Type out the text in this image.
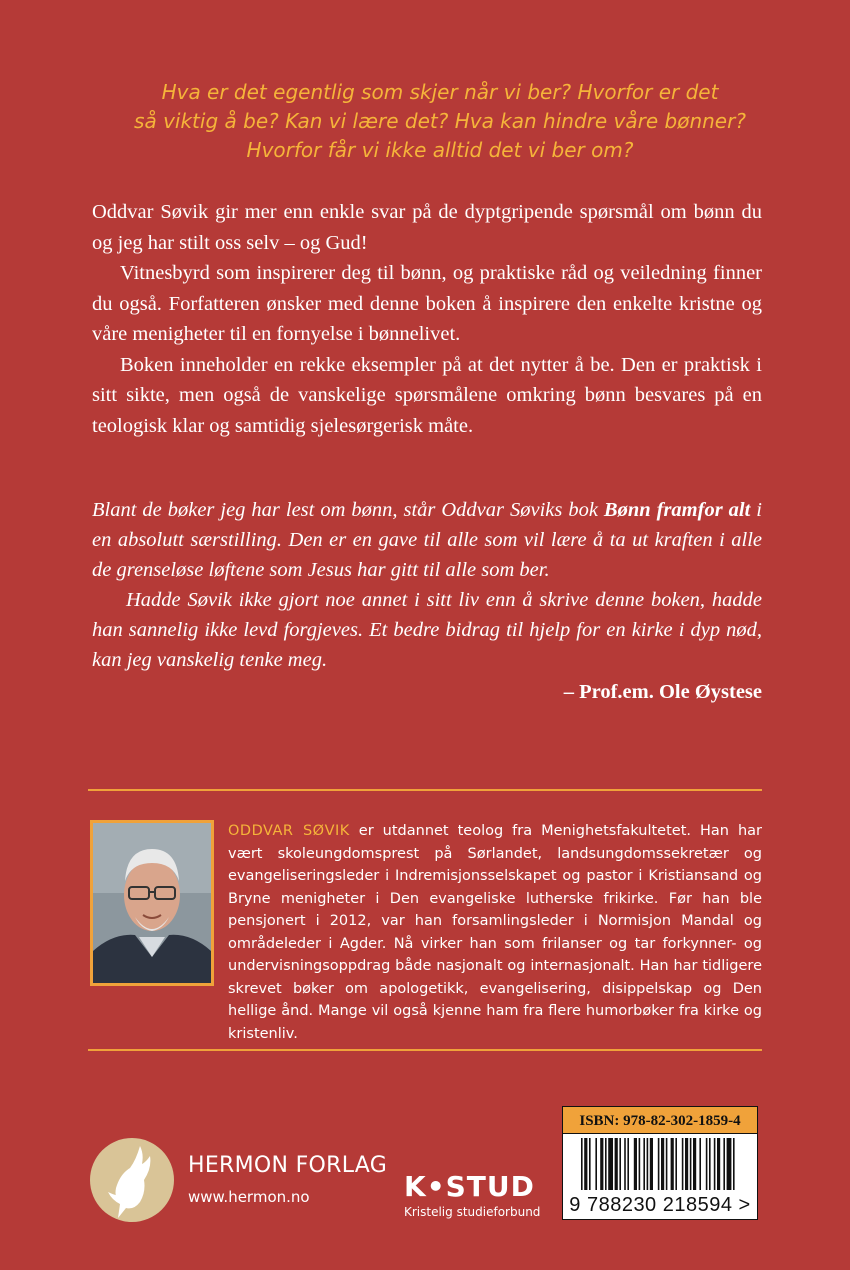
Hva er det egentlig som skjer når vi ber? Hvorfor er det
så viktig å be? Kan vi lære det? Hva kan hindre våre bønner?
Hvorfor får vi ikke alltid det vi ber om?

Oddvar Søvik gir mer enn enkle svar på de dyptgripende spørsmål om bønn du og jeg har stilt oss selv – og Gud!

Vitnesbyrd som inspirerer deg til bønn, og praktiske råd og veiledning finner du også. Forfatteren ønsker med denne boken å inspirere den enkelte kristne og våre menigheter til en fornyelse i bønnelivet.

Boken inneholder en rekke eksempler på at det nytter å be. Den er praktisk i sitt sikte, men også de vanskelige spørsmålene omkring bønn besvares på en teologisk klar og samtidig sjelesørgerisk måte.

Blant de bøker jeg har lest om bønn, står Oddvar Søviks bok Bønn framfor alt i en absolutt særstilling. Den er en gave til alle som vil lære å ta ut kraften i alle de grenseløse løftene som Jesus har gitt til alle som ber.

Hadde Søvik ikke gjort noe annet i sitt liv enn å skrive denne boken, hadde han sannelig ikke levd forgjeves. Et bedre bidrag til hjelp for en kirke i dyp nød, kan jeg vanskelig tenke meg.

– Prof.em. Ole Øystese
ODDVAR SØVIK er utdannet teolog fra Menighetsfakultetet. Han har vært skoleungdomsprest på Sørlandet, landsungdomssekretær og evangeliseringsleder i Indremisjonsselskapet og pastor i Kristiansand og Bryne menigheter i Den evangeliske lutherske frikirke. Før han ble pensjonert i 2012, var han forsamlingsleder i Normisjon Mandal og områdeleder i Agder. Nå virker han som frilanser og tar forkynner- og undervisningsoppdrag både nasjonalt og internasjonalt. Han har tidligere skrevet bøker om apologetikk, evangelisering, disippelskap og Den hellige ånd. Mange vil også kjenne ham fra flere humorbøker fra kirke og kristenliv.
HERMON FORLAG
www.hermon.no	K•STUD
Kristelig studieforbund
ISBN: 978-82-302-1859-4
9 788230 218594 >
